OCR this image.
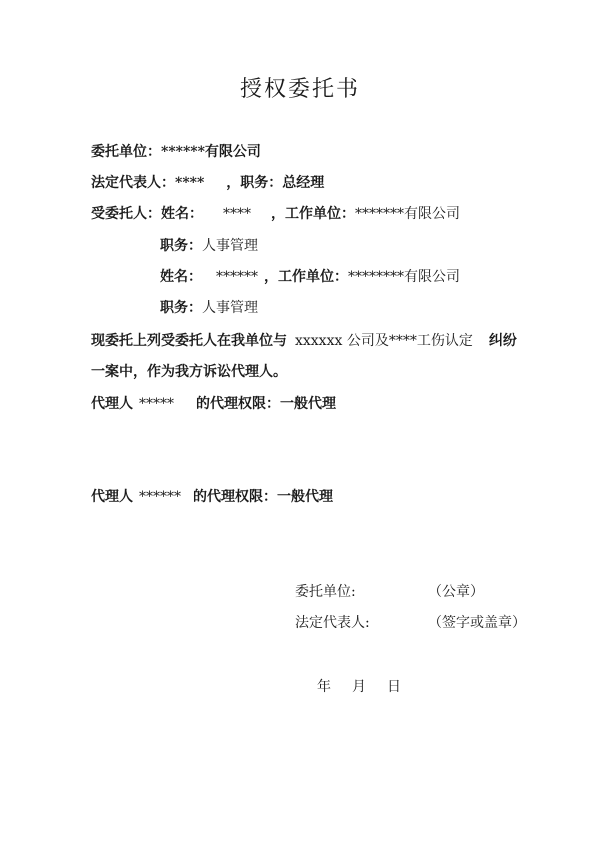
授权委托书
委托单位：******有限公司
法定代表人：**** ，职务：总经理
受委托人：姓名： **** ，工作单位：*******有限公司
职务：人事管理
姓名： ****** ，工作单位：********有限公司
职务：人事管理
现委托上列受委托人在我单位与 xxxxxx 公司及****工伤认定 纠纷
一案中，作为我方诉讼代理人。
代理人 ***** 的代理权限：一般代理
代理人 ****** 的代理权限：一般代理
委托单位:	（公章）
法定代表人:	（签字或盖章）
年 月 日
